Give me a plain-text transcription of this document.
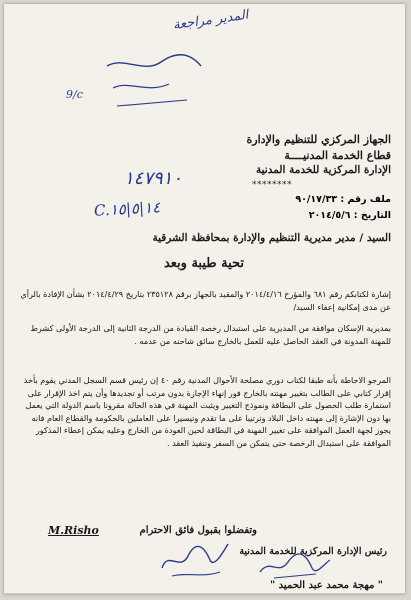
المدير مراجعة
9/c
الجهاز المركزي للتنظيم والإدارة
قطاع الخدمة المدنيــــة
الإدارة المركزية للخدمة المدنية
********
١٤٧٩١٠
C.١٤|٥|١٥	ملف رقم : ٩٠/١٧/٣٣
التاريخ : ٢٠١٤/٥/٦
السيد / مدير مديرية التنظيم والإدارة بمحافظة الشرقية
تحية طيبة وبعد
إشارة لكتابكم رقم ٦٨١ والمؤرخ ٢٠١٤/٤/١٦ والمقيد بالجهاز برقم ٢٣٥١٢٨ بتاريخ ٢٠١٤/٤/٢٩ بشأن الإفادة بالرأي عن مدى إمكانية إعفاء السيد/
بمديرية الإسكان موافقة من المديرية على استبدال رخصة القيادة من الدرجة الثانية إلى الدرجة الأولى كشرط للمهنة المدونة في العقد الحاصل عليه للعمل بالخارج سائق شاحنه من عدمه .
المرجو الاحاطة بأنه طبقا لكتاب دوري مصلحة الأحوال المدنية رقم ٤٠ إن رئيس قسم السجل المدني يقوم بأخذ إقرار كتابي على الطالب بتغيير مهنته بالخارج فور إنهاء الإجازة بدون مرتب أو تجديدها وأن يتم اخذ الإقرار على استمارة طلب الحصول على البطاقة ونموذج التغيير ويثبت المهنة في هذه الحالة مقرونا باسم الدولة التي يعمل بها دون الإشارة إلى مهنته داخل البلاد وترتيبا على ما تقدم وتيسيرا على العاملين بالحكومة والقطاع العام فانه يجوز لجهة العمل الموافقة على تغيير المهنة في البطاقة لحين العودة من الخارج وعليه يمكن إعطاء المذكور الموافقة على استبدال الرخصة حتى يتمكن من السفر وتنفيذ العقد .
وتفضلوا بقبول فائق الاحترام
M.Risho
رئيس الإدارة المركزية للخدمة المدنية
" مهجة محمد عبد الحميد "
